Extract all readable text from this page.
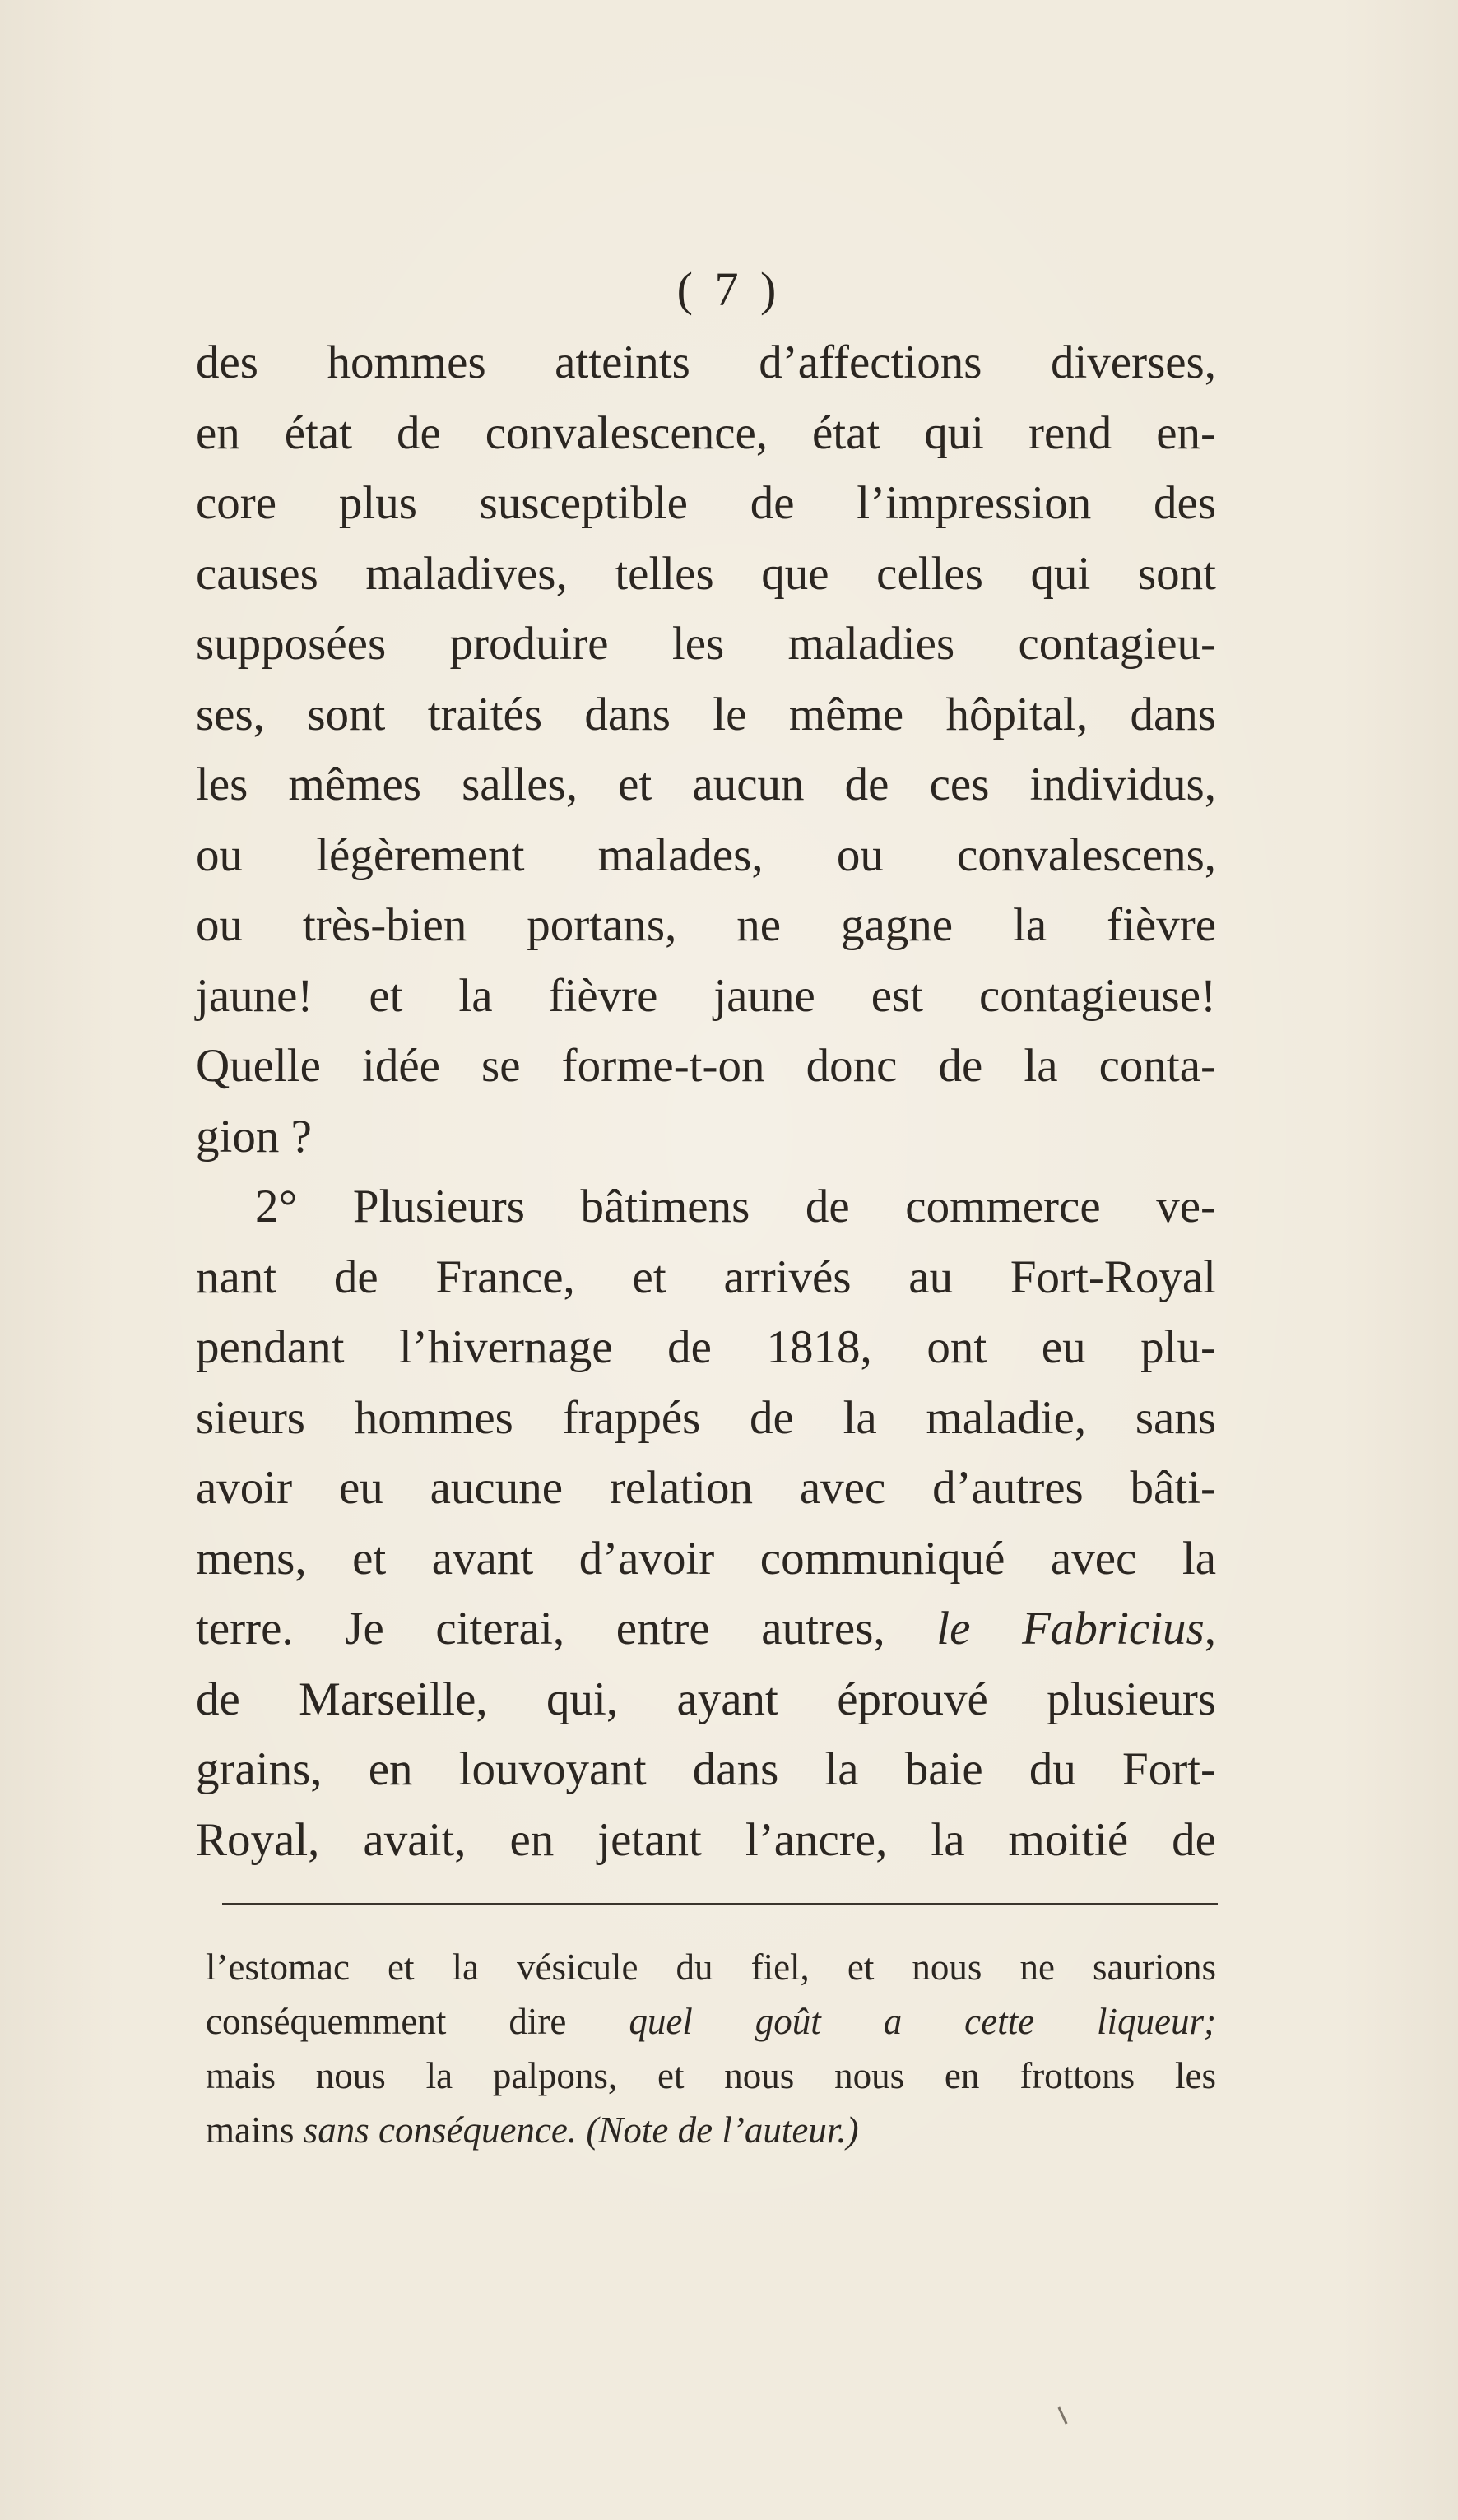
( 7 )
des hommes atteints d’affections diverses,
en état de convalescence, état qui rend en-
core plus susceptible de l’impression des
causes maladives, telles que celles qui sont
supposées produire les maladies contagieu-
ses, sont traités dans le même hôpital, dans
les mêmes salles, et aucun de ces individus,
ou légèrement malades, ou convalescens,
ou très-bien portans, ne gagne la fièvre
jaune! et la fièvre jaune est contagieuse!
Quelle idée se forme-t-on donc de la conta-
gion ?
2° Plusieurs bâtimens de commerce ve-
nant de France, et arrivés au Fort-Royal
pendant l’hivernage de 1818, ont eu plu-
sieurs hommes frappés de la maladie, sans
avoir eu aucune relation avec d’autres bâti-
mens, et avant d’avoir communiqué avec la
terre. Je citerai, entre autres, le Fabricius,
de Marseille, qui, ayant éprouvé plusieurs
grains, en louvoyant dans la baie du Fort-
Royal, avait, en jetant l’ancre, la moitié de
l’estomac et la vésicule du fiel, et nous ne saurions
conséquemment dire quel goût a cette liqueur;
mais nous la palpons, et nous nous en frottons les
mains sans conséquence. (Note de l’auteur.)
